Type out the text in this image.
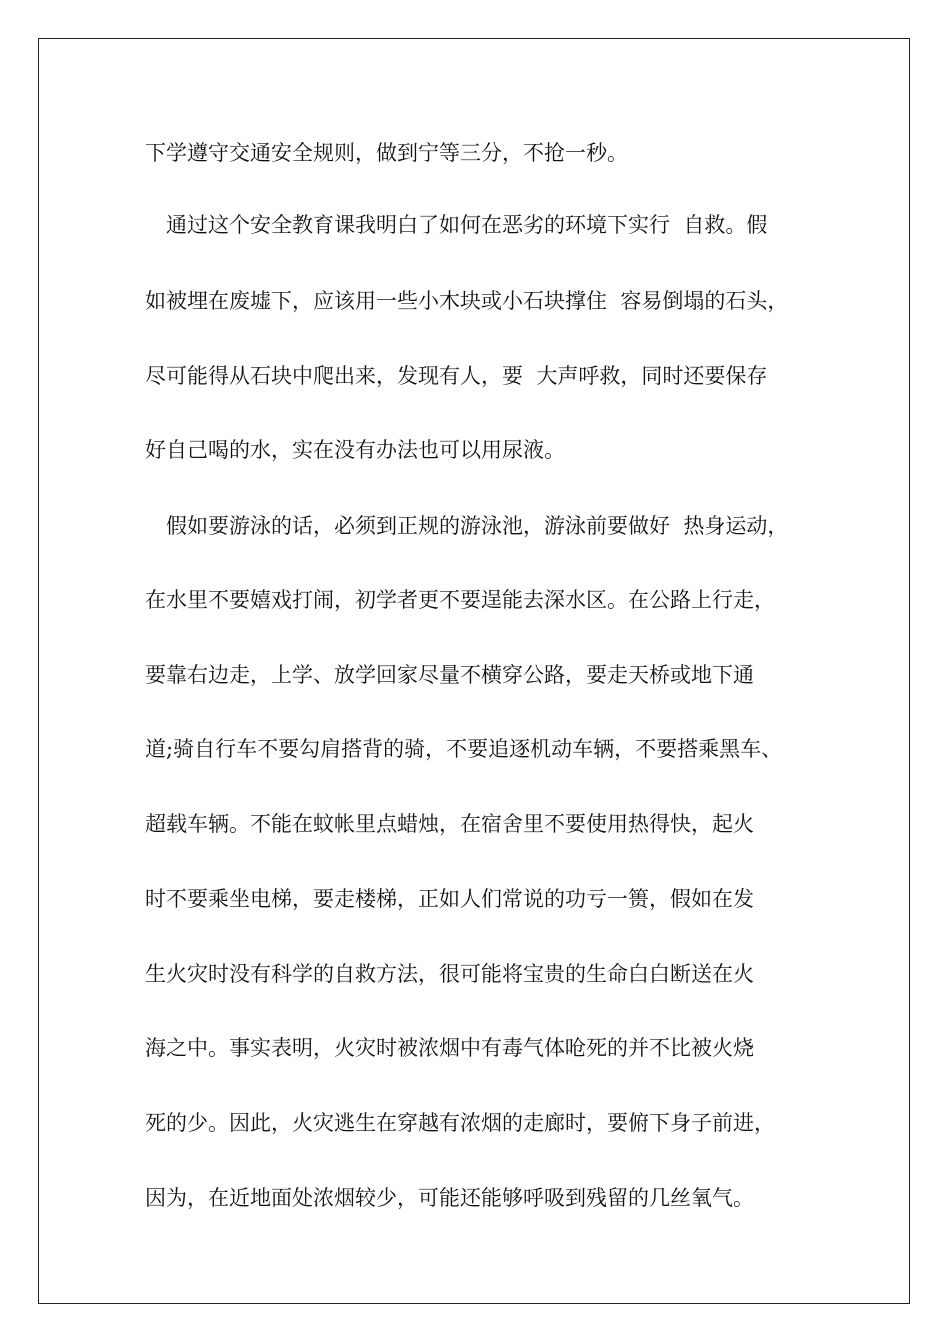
下学遵守交通安全规则，做到宁等三分，不抢一秒。

通过这个安全教育课我明白了如何在恶劣的环境下实行  自救。假

如被埋在废墟下，应该用一些小木块或小石块撑住  容易倒塌的石头，

尽可能得从石块中爬出来，发现有人，要  大声呼救，同时还要保存

好自己喝的水，实在没有办法也可以用尿液。

假如要游泳的话，必须到正规的游泳池，游泳前要做好  热身运动，

在水里不要嬉戏打闹，初学者更不要逞能去深水区。在公路上行走，

要靠右边走，上学、放学回家尽量不横穿公路，要走天桥或地下通

道;骑自行车不要勾肩搭背的骑，不要追逐机动车辆，不要搭乘黑车、

超载车辆。不能在蚊帐里点蜡烛，在宿舍里不要使用热得快，起火

时不要乘坐电梯，要走楼梯，正如人们常说的功亏一篑，假如在发

生火灾时没有科学的自救方法，很可能将宝贵的生命白白断送在火

海之中。事实表明，火灾时被浓烟中有毒气体呛死的并不比被火烧

死的少。因此，火灾逃生在穿越有浓烟的走廊时，要俯下身子前进，

因为，在近地面处浓烟较少，可能还能够呼吸到残留的几丝氧气。
